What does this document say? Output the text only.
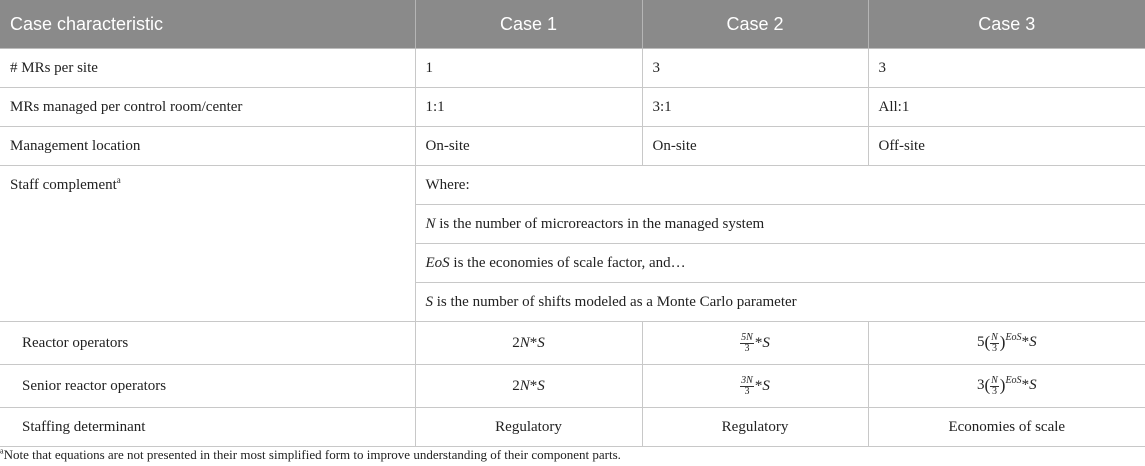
Case characteristic	Case 1	Case 2	Case 3
# MRs per site	1	3	3
MRs managed per control room/center	1:1	3:1	All:1
Management location	On-site	On-site	Off-site
Staff complement$^a$	Where:		
	N is the number of microreactors in the managed system		
	EoS is the economies of scale factor, and…		
	S is the number of shifts modeled as a Monte Carlo parameter		
Reactor operators	2N*S	$\frac{5N}{3} *S$	$5( \frac{N}{3} )^{EoS}*S$
Senior reactor operators	2N*S	$\frac{3N}{3} *S$	$3( \frac{N}{3} )^{EoS}*S$
Staffing determinant	Regulatory	Regulatory	Economies of scale
$^a$Note that equations are not presented in their most simplified form to improve understanding of their component parts.
